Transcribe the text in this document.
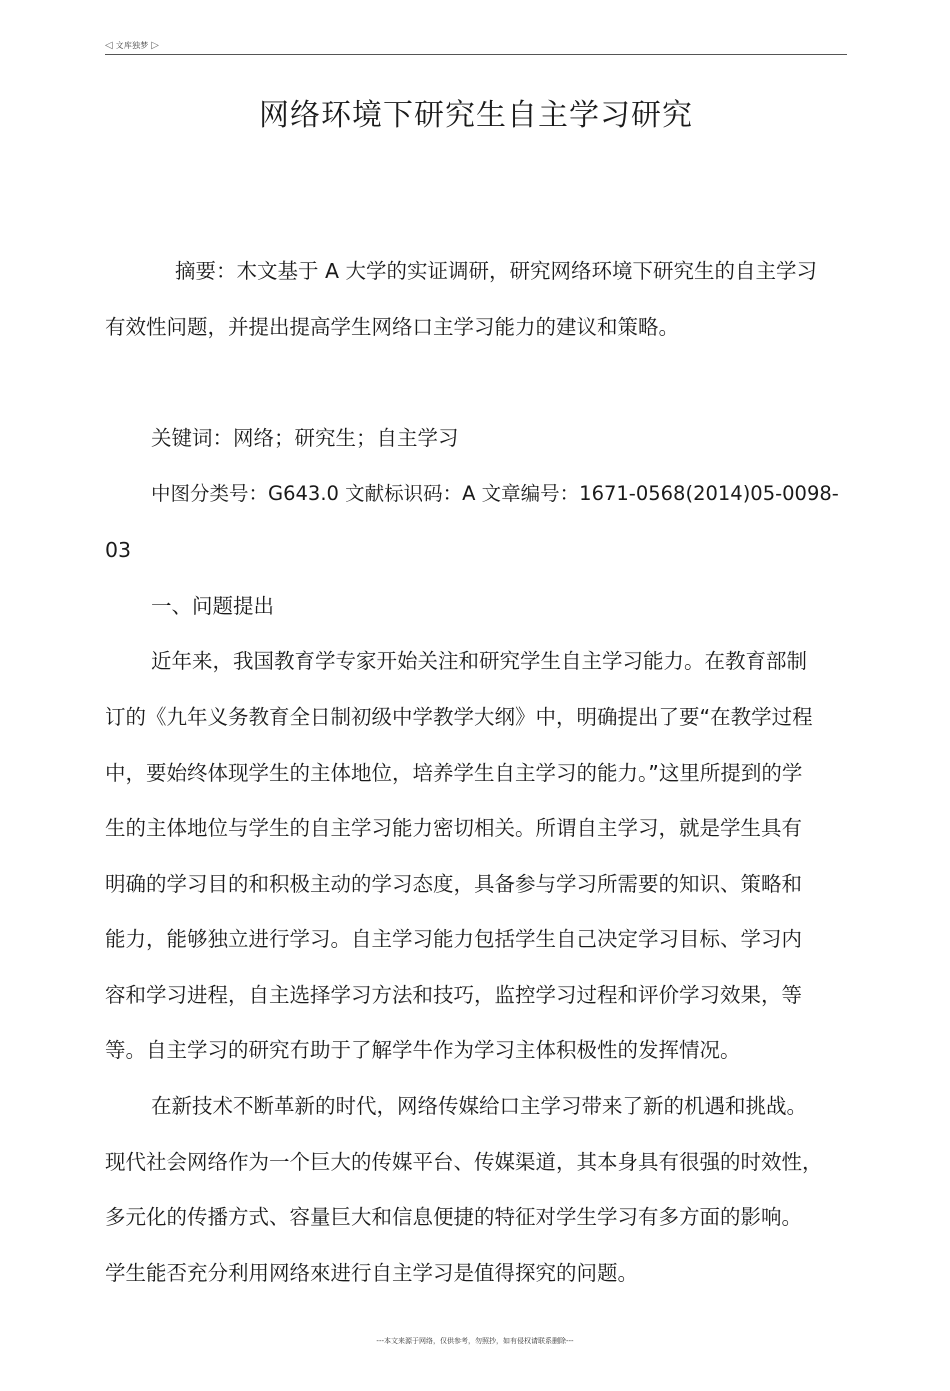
◁ 文库独梦 ▷
网络环境下研究生自主学习研究
摘要：木文基于 A 大学的实证调研，研究网络环境下研究生的自主学习
有效性问题，并提出提高学生网络口主学习能力的建议和策略。
关键词：网络；研究生；自主学习
中图分类号：G643.0 文献标识码：A 文章编号：1671-0568(2014)05-0098-
03
一、问题提出
近年来，我国教育学专家开始关注和研究学生自主学习能力。在教育部制
订的《九年义务教育全日制初级中学教学大纲》中，明确提出了要“在教学过程
中，要始终体现学生的主体地位，培养学生自主学习的能力。”这里所提到的学
生的主体地位与学生的自主学习能力密切相关。所谓自主学习，就是学生具有
明确的学习目的和积极主动的学习态度，具备参与学习所需要的知识、策略和
能力，能够独立进行学习。自主学习能力包括学生自己决定学习目标、学习内
容和学习进程，自主选择学习方法和技巧，监控学习过程和评价学习效果，等
等。自主学习的研究冇助于了解学牛作为学习主体积极性的发挥情况。
在新技术不断革新的时代，网络传媒给口主学习带来了新的机遇和挑战。
现代社会网络作为一个巨大的传媒平台、传媒渠道，其本身具有很强的时效性，
多元化的传播方式、容量巨大和信息便捷的特征对学生学习有多方面的影响。
学生能否充分利用网络來进行自主学习是值得探究的问题。
---本文来源于网络，仅供参考，勿照抄，如有侵权请联系删除---
